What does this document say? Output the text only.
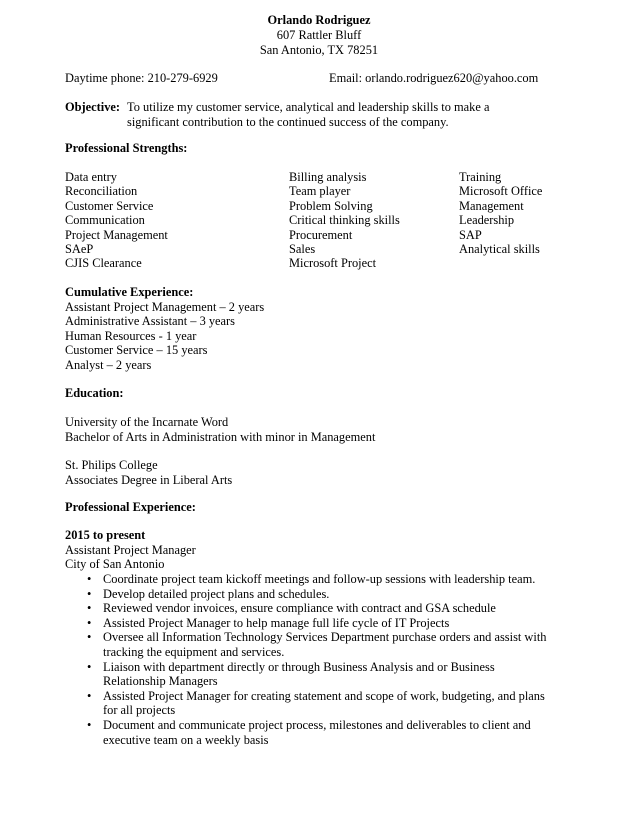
Orlando Rodriguez
607 Rattler Bluff
San Antonio, TX 78251
Daytime phone: 210-279-6929	Email: orlando.rodriguez620@yahoo.com
Objective: To utilize my customer service, analytical and leadership skills to make a
significant contribution to the continued success of the company.
Professional Strengths:
Data entry
Reconciliation
Customer Service
Communication
Project Management
SAeP
CJIS Clearance
Billing analysis
Team player
Problem Solving
Critical thinking skills
Procurement
Sales
Microsoft Project
Training
Microsoft Office
Management
Leadership
SAP
Analytical skills
Cumulative Experience:
Assistant Project Management – 2 years
Administrative Assistant – 3 years
Human Resources - 1 year
Customer Service – 15 years
Analyst – 2 years
Education:
University of the Incarnate Word
Bachelor of Arts in Administration with minor in Management
St. Philips College
Associates Degree in Liberal Arts
Professional Experience:
2015 to present
Assistant Project Manager
City of San Antonio
• Coordinate project team kickoff meetings and follow-up sessions with leadership team.
• Develop detailed project plans and schedules.
• Reviewed vendor invoices, ensure compliance with contract and GSA schedule
• Assisted Project Manager to help manage full life cycle of IT Projects
• Oversee all Information Technology Services Department purchase orders and assist with tracking the equipment and services.
• Liaison with department directly or through Business Analysis and or Business Relationship Managers
• Assisted Project Manager for creating statement and scope of work, budgeting, and plans for all projects
• Document and communicate project process, milestones and deliverables to client and executive team on a weekly basis
